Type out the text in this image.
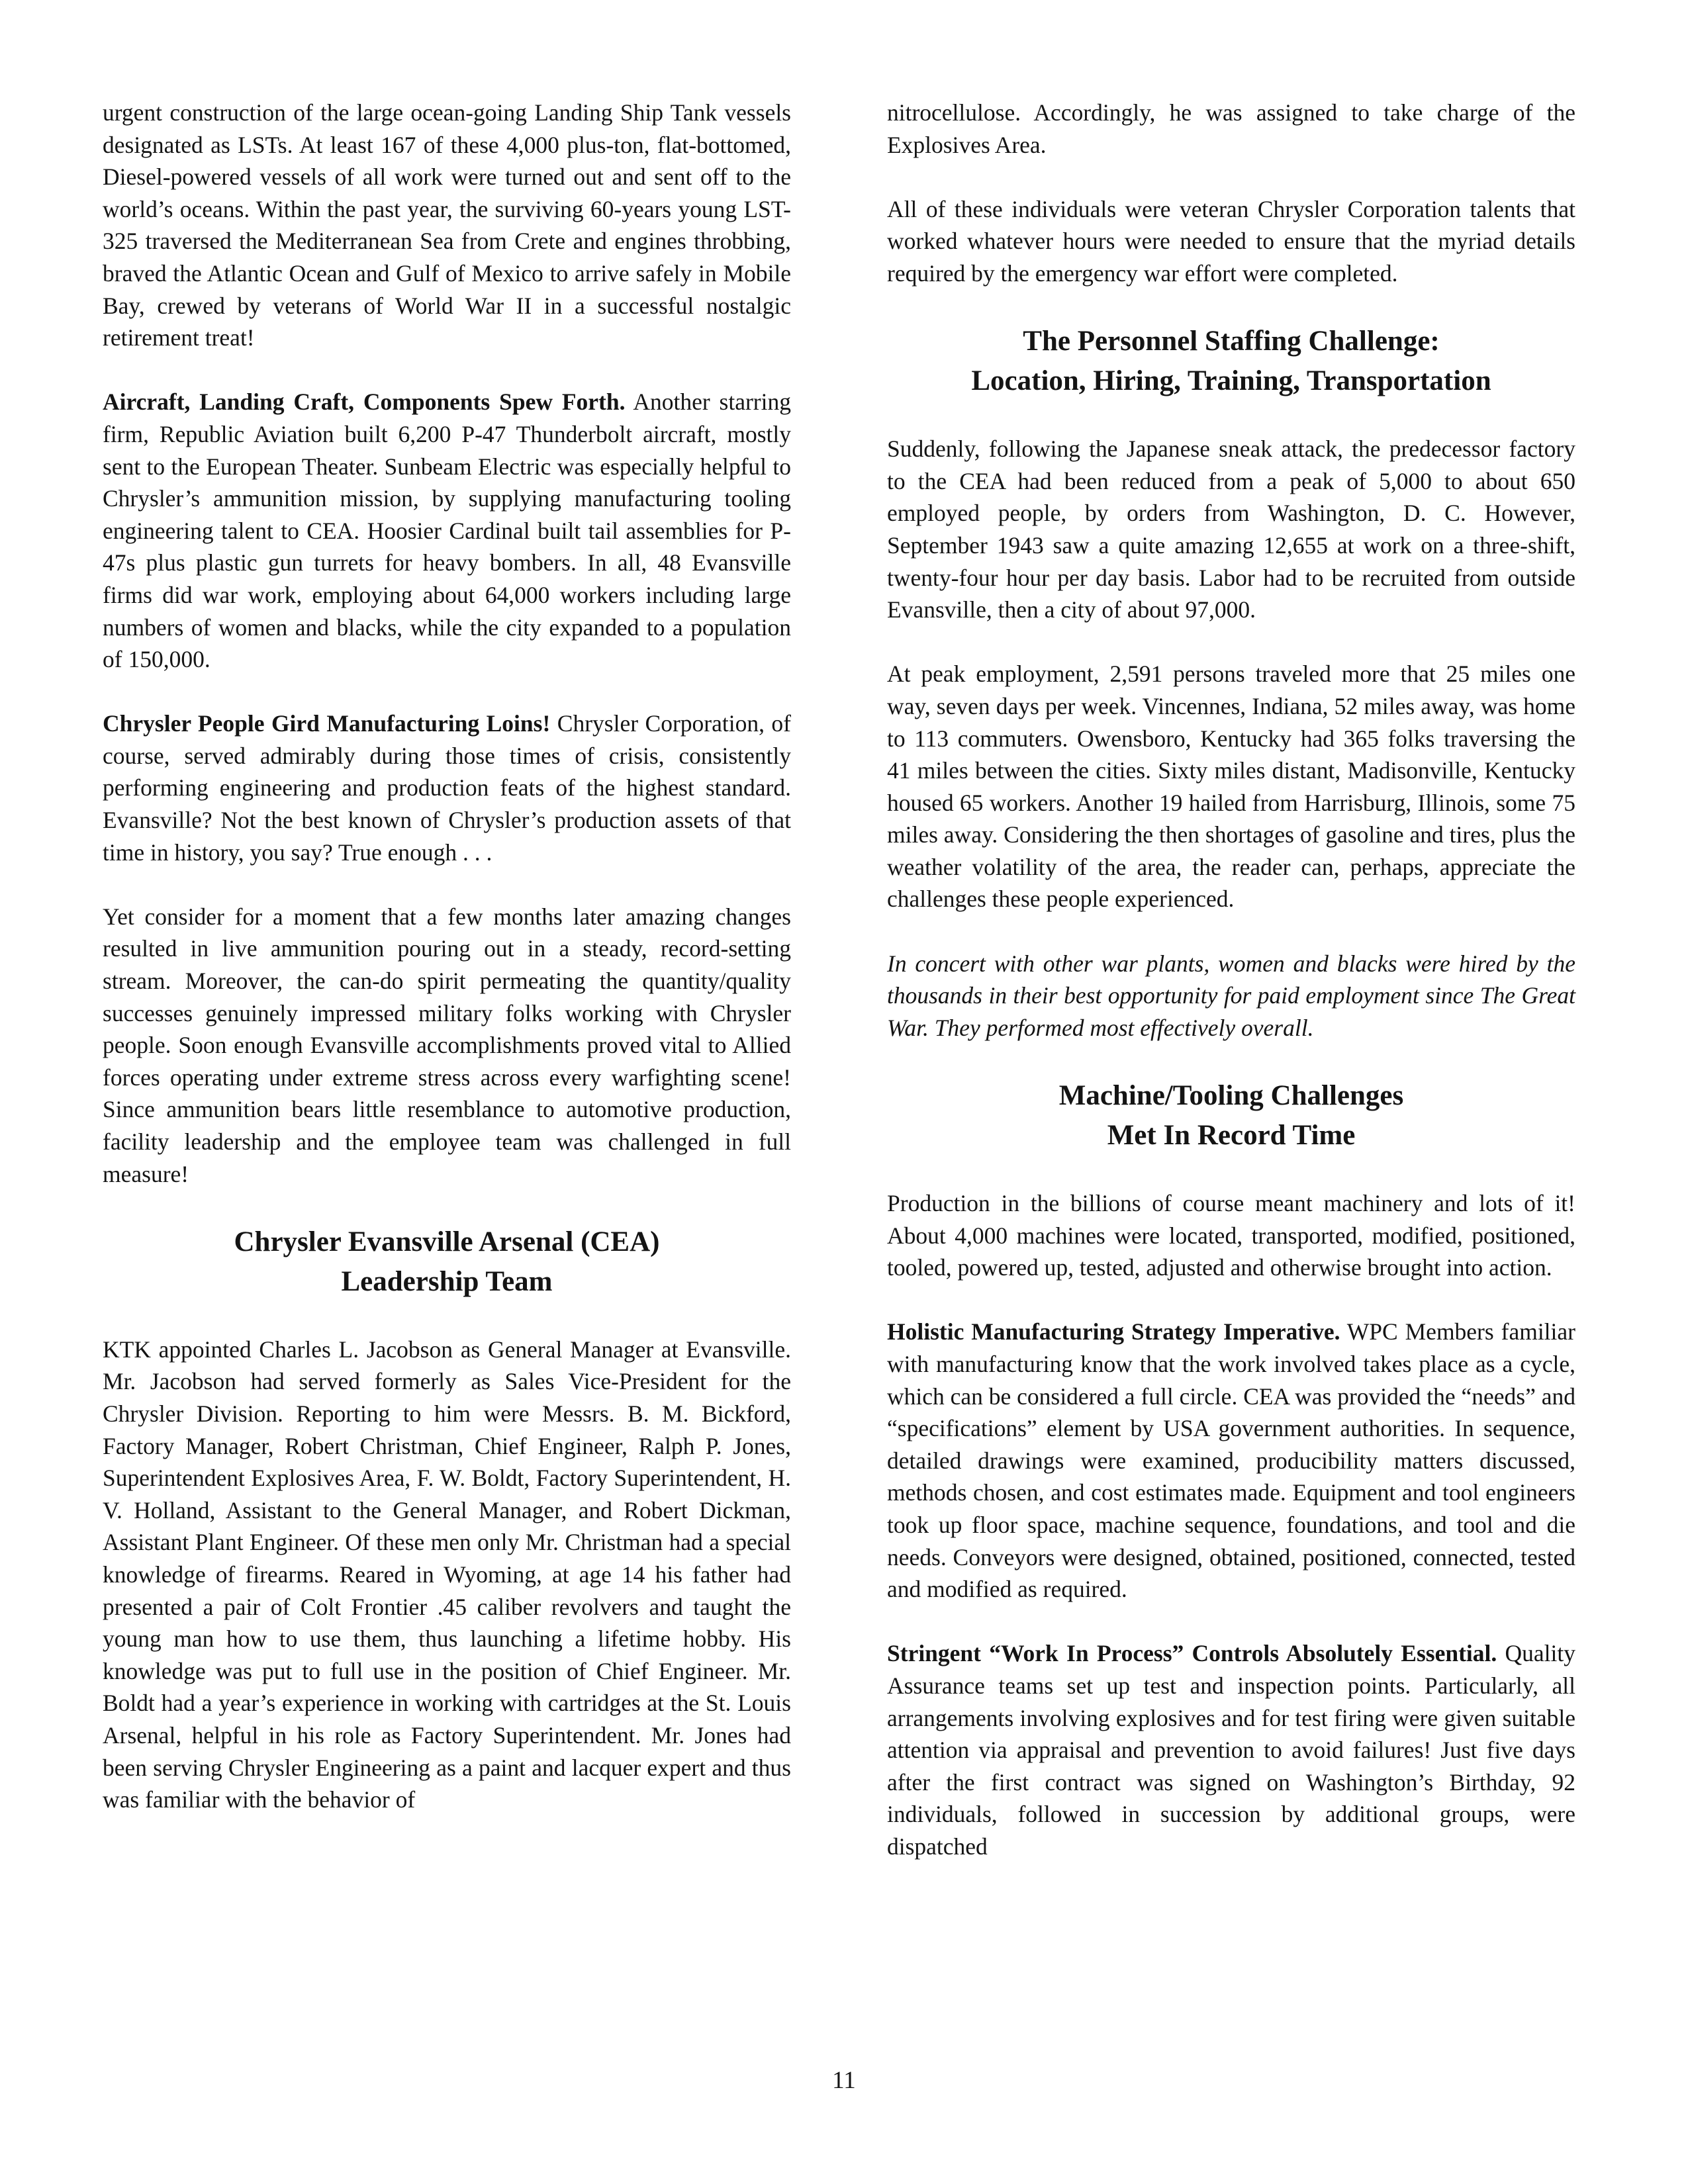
urgent construction of the large ocean-going Landing Ship Tank vessels designated as LSTs. At least 167 of these 4,000 plus-ton, flat-bottomed, Diesel-powered vessels of all work were turned out and sent off to the world’s oceans. Within the past year, the surviving 60-years young LST-325 traversed the Mediterranean Sea from Crete and engines throbbing, braved the Atlantic Ocean and Gulf of Mexico to arrive safely in Mobile Bay, crewed by veterans of World War II in a successful nostalgic retirement treat!

Aircraft, Landing Craft, Components Spew Forth. Another starring firm, Republic Aviation built 6,200 P-47 Thunderbolt aircraft, mostly sent to the European Theater. Sunbeam Electric was especially helpful to Chrysler’s ammunition mission, by supplying manufacturing tooling engineering talent to CEA. Hoosier Cardinal built tail assemblies for P-47s plus plastic gun turrets for heavy bombers. In all, 48 Evansville firms did war work, employing about 64,000 workers including large numbers of women and blacks, while the city expanded to a population of 150,000.

Chrysler People Gird Manufacturing Loins! Chrysler Corporation, of course, served admirably during those times of crisis, consistently performing engineering and production feats of the highest standard. Evansville? Not the best known of Chrysler’s production assets of that time in history, you say? True enough . . .

Yet consider for a moment that a few months later amazing changes resulted in live ammunition pouring out in a steady, record-setting stream. Moreover, the can-do spirit permeating the quantity/quality successes genuinely impressed military folks working with Chrysler people. Soon enough Evansville accomplishments proved vital to Allied forces operating under extreme stress across every warfighting scene! Since ammunition bears little resemblance to automotive production, facility leadership and the employee team was challenged in full measure!

Chrysler Evansville Arsenal (CEA)
Leadership Team

KTK appointed Charles L. Jacobson as General Manager at Evansville. Mr. Jacobson had served formerly as Sales Vice-President for the Chrysler Division. Reporting to him were Messrs. B. M. Bickford, Factory Manager, Robert Christman, Chief Engineer, Ralph P. Jones, Superintendent Explosives Area, F. W. Boldt, Factory Superintendent, H. V. Holland, Assistant to the General Manager, and Robert Dickman, Assistant Plant Engineer. Of these men only Mr. Christman had a special knowledge of firearms. Reared in Wyoming, at age 14 his father had presented a pair of Colt Frontier .45 caliber revolvers and taught the young man how to use them, thus launching a lifetime hobby. His knowledge was put to full use in the position of Chief Engineer. Mr. Boldt had a year’s experience in working with cartridges at the St. Louis Arsenal, helpful in his role as Factory Superintendent. Mr. Jones had been serving Chrysler Engineering as a paint and lacquer expert and thus was familiar with the behavior of

nitrocellulose. Accordingly, he was assigned to take charge of the Explosives Area.

All of these individuals were veteran Chrysler Corporation talents that worked whatever hours were needed to ensure that the myriad details required by the emergency war effort were completed.

The Personnel Staffing Challenge:
Location, Hiring, Training, Transportation

Suddenly, following the Japanese sneak attack, the predecessor factory to the CEA had been reduced from a peak of 5,000 to about 650 employed people, by orders from Washington, D. C. However, September 1943 saw a quite amazing 12,655 at work on a three-shift, twenty-four hour per day basis. Labor had to be recruited from outside Evansville, then a city of about 97,000.

At peak employment, 2,591 persons traveled more that 25 miles one way, seven days per week. Vincennes, Indiana, 52 miles away, was home to 113 commuters. Owensboro, Kentucky had 365 folks traversing the 41 miles between the cities. Sixty miles distant, Madisonville, Kentucky housed 65 workers. Another 19 hailed from Harrisburg, Illinois, some 75 miles away. Considering the then shortages of gasoline and tires, plus the weather volatility of the area, the reader can, perhaps, appreciate the challenges these people experienced.

In concert with other war plants, women and blacks were hired by the thousands in their best opportunity for paid employment since The Great War. They performed most effectively overall.

Machine/Tooling Challenges
Met In Record Time

Production in the billions of course meant machinery and lots of it! About 4,000 machines were located, transported, modified, positioned, tooled, powered up, tested, adjusted and otherwise brought into action.

Holistic Manufacturing Strategy Imperative. WPC Members familiar with manufacturing know that the work involved takes place as a cycle, which can be considered a full circle. CEA was provided the “needs” and “specifications” element by USA government authorities. In sequence, detailed drawings were examined, producibility matters discussed, methods chosen, and cost estimates made. Equipment and tool engineers took up floor space, machine sequence, foundations, and tool and die needs. Conveyors were designed, obtained, positioned, connected, tested and modified as required.

Stringent “Work In Process” Controls Absolutely Essential. Quality Assurance teams set up test and inspection points. Particularly, all arrangements involving explosives and for test firing were given suitable attention via appraisal and prevention to avoid failures! Just five days after the first contract was signed on Washington’s Birthday, 92 individuals, followed in succession by additional groups, were dispatched

11
